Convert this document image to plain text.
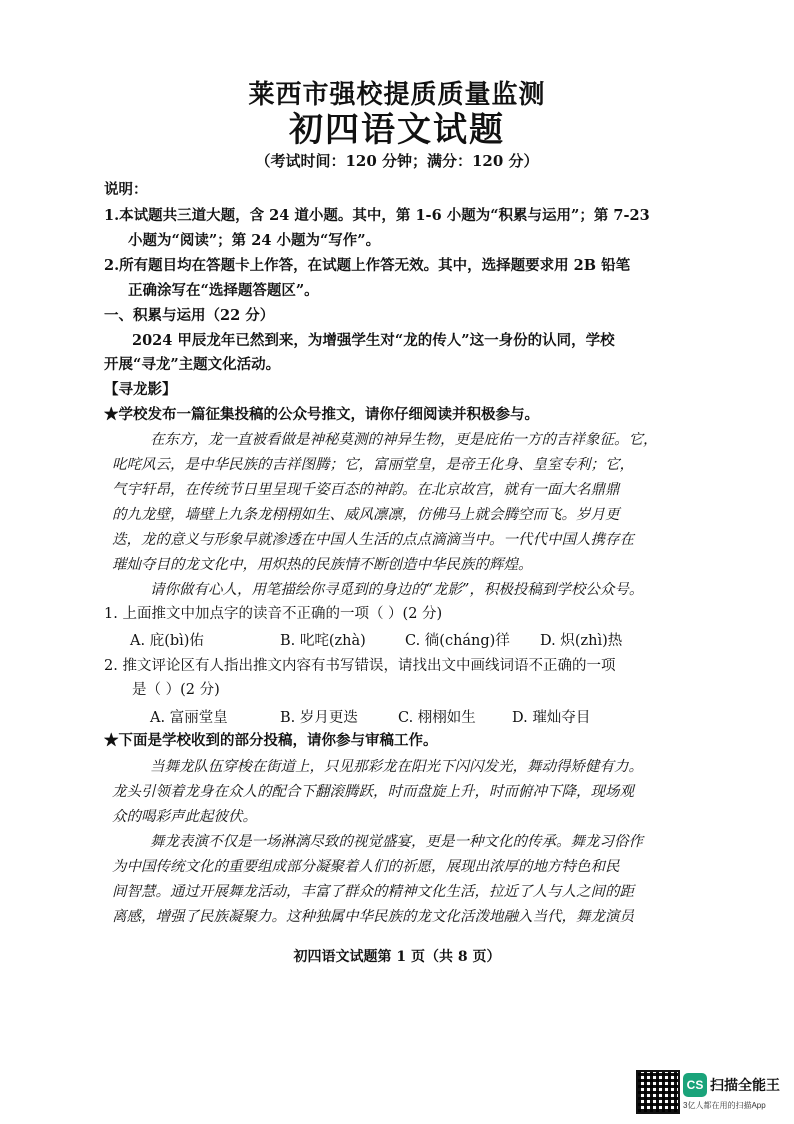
莱西市强校提质质量监测
初四语文试题
（考试时间：120 分钟；满分：120 分）
说明：
1.本试题共三道大题，含 24 道小题。其中，第 1-6 小题为“积累与运用”；第 7-23
小题为“阅读”；第 24 小题为“写作”。
2.所有题目均在答题卡上作答，在试题上作答无效。其中，选择题要求用 2B 铅笔
正确涂写在“选择题答题区”。
一、积累与运用（22 分）
2024 甲辰龙年已然到来，为增强学生对“龙的传人”这一身份的认同，学校
开展“寻龙”主题文化活动。
【寻龙影】
★学校发布一篇征集投稿的公众号推文，请你仔细阅读并积极参与。
在东方，龙一直被看做是神秘莫测的神异生物，更是庇佑一方的吉祥象征。它，
叱咤风云，是中华民族的吉祥图腾；它，富丽堂皇，是帝王化身、皇室专利；它，
气宇轩昂，在传统节日里呈现千姿百态的神韵。在北京故宫，就有一面大名鼎鼎
的九龙壁，墙壁上九条龙栩栩如生、威风凛凛，仿佛马上就会腾空而飞。岁月更
迭，龙的意义与形象早就渗透在中国人生活的点点滴滴当中。一代代中国人携存在
璀灿夺目的龙文化中，用炽热的民族情不断创造中华民族的辉煌。
请你做有心人，用笔描绘你寻觅到的身边的“龙影”，积极投稿到学校公众号。
1. 上面推文中加点字的读音不正确的一项（ ）(2 分)
A. 庇(bì)佑	B. 叱咤(zhà)	C. 徜(cháng)徉 D. 炽(zhì)热
2. 推文评论区有人指出推文内容有书写错误，请找出文中画线词语不正确的一项
是（ ）(2 分)
A. 富丽堂皇	B. 岁月更迭	C. 栩栩如生 D. 璀灿夺目
★下面是学校收到的部分投稿，请你参与审稿工作。
当舞龙队伍穿梭在街道上，只见那彩龙在阳光下闪闪发光，舞动得矫健有力。
龙头引领着龙身在众人的配合下翻滚腾跃，时而盘旋上升，时而俯冲下降，现场观
众的喝彩声此起彼伏。
舞龙表演不仅是一场淋漓尽致的视觉盛宴，更是一种文化的传承。舞龙习俗作
为中国传统文化的重要组成部分凝聚着人们的祈愿，展现出浓厚的地方特色和民
间智慧。通过开展舞龙活动，丰富了群众的精神文化生活，拉近了人与人之间的距
离感，增强了民族凝聚力。这种独属中华民族的龙文化活泼地融入当代，舞龙演员
初四语文试题第 1 页（共 8 页）
CS 扫描全能王
3亿人都在用的扫描App
